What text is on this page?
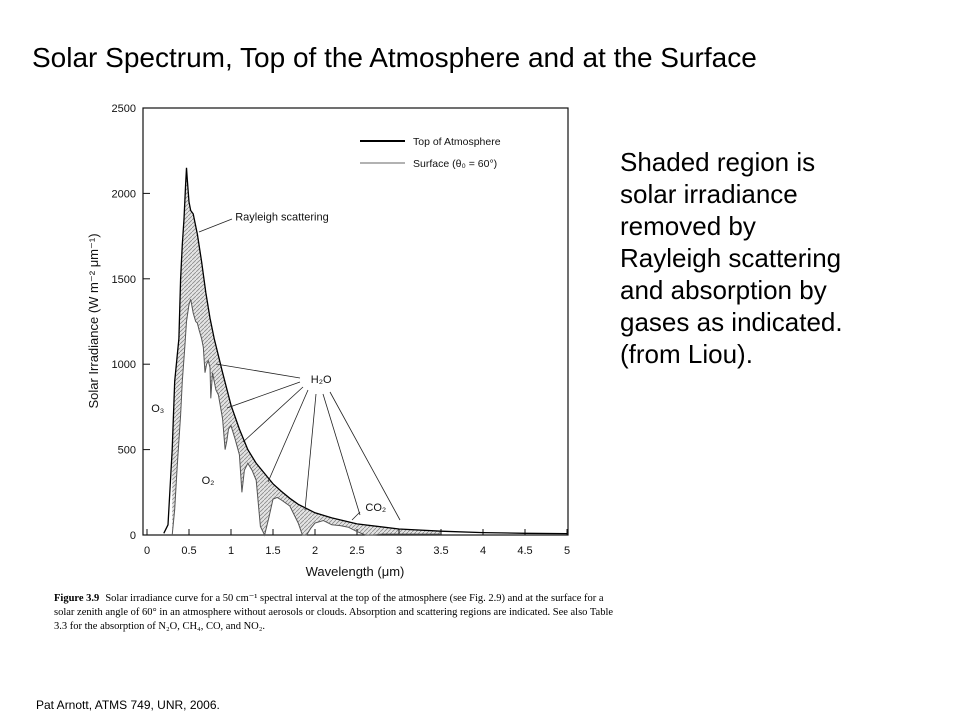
Solar Spectrum, Top of the Atmosphere and at the Surface
0	0.5	1	1.5	2	2.5	3	3.5	4	4.5	5
0
500
1000
1500
2000
2500
Top of Atmosphere
Surface (θ₀ = 60°)
Rayleigh scattering
O₃
O₂
H₂O
CO₂
Wavelength (μm)
Solar Irradiance (W m⁻² μm⁻¹)
Shaded region is solar irradiance removed by Rayleigh scattering and absorption by gases as indicated. (from Liou).
Figure 3.9 Solar irradiance curve for a 50 cm⁻¹ spectral interval at the top of the atmosphere (see Fig. 2.9) and at the surface for a solar zenith angle of 60° in an atmosphere without aerosols or clouds. Absorption and scattering regions are indicated. See also Table 3.3 for the absorption of N₂O, CH₄, CO, and NO₂.
Pat Arnott, ATMS 749, UNR, 2006.
